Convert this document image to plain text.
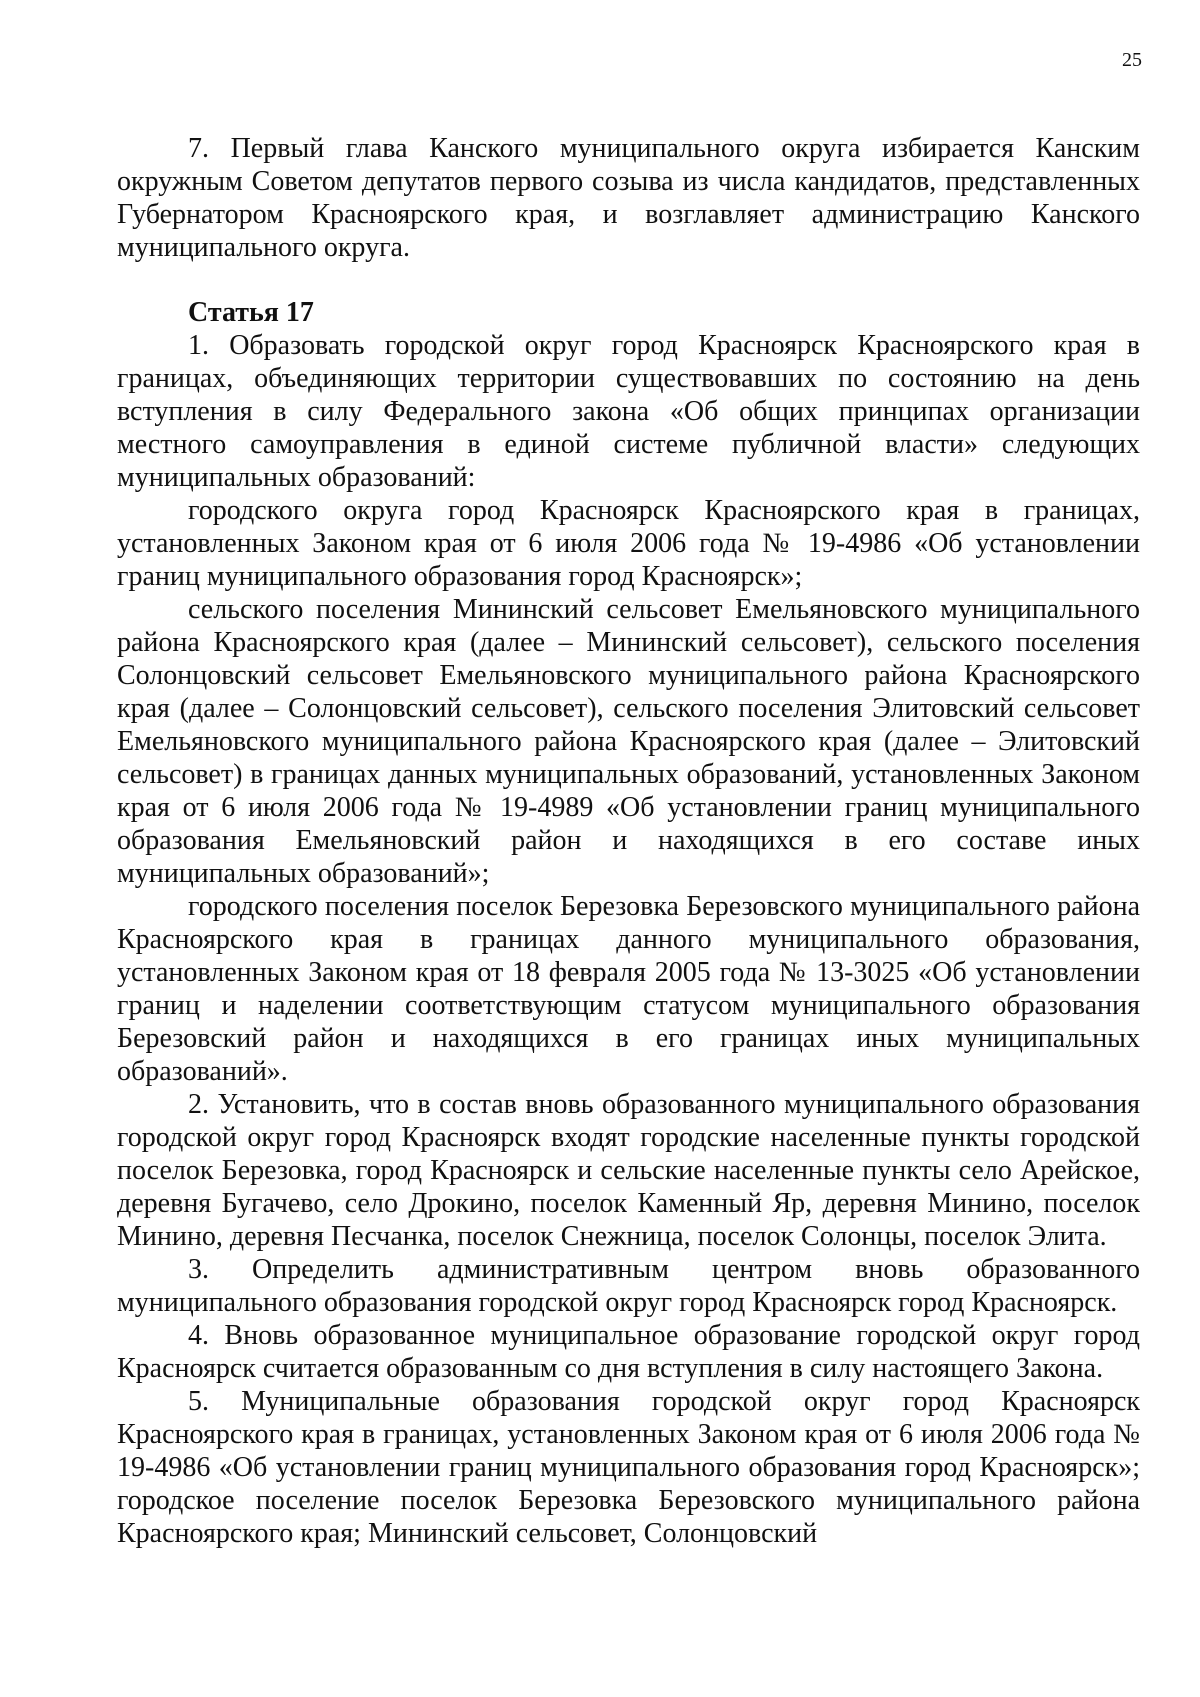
25

7. Первый глава Канского муниципального округа избирается Канским окружным Советом депутатов первого созыва из числа кандидатов, представленных Губернатором Красноярского края, и возглавляет администрацию Канского муниципального округа.

Статья 17

1. Образовать городской округ город Красноярск Красноярского края в границах, объединяющих территории существовавших по состоянию на день вступления в силу Федерального закона «Об общих принципах организации местного самоуправления в единой системе публичной власти» следующих муниципальных образований:

городского округа город Красноярск Красноярского края в границах, установленных Законом края от 6 июля 2006 года № 19-4986 «Об установлении границ муниципального образования город Красноярск»;

сельского поселения Мининский сельсовет Емельяновского муниципального района Красноярского края (далее – Мининский сельсовет), сельского поселения Солонцовский сельсовет Емельяновского муниципального района Красноярского края (далее – Солонцовский сельсовет), сельского поселения Элитовский сельсовет Емельяновского муниципального района Красноярского края (далее – Элитовский сельсовет) в границах данных муниципальных образований, установленных Законом края от 6 июля 2006 года № 19-4989 «Об установлении границ муниципального образования Емельяновский район и находящихся в его составе иных муниципальных образований»;

городского поселения поселок Березовка Березовского муниципального района Красноярского края в границах данного муниципального образования, установленных Законом края от 18 февраля 2005 года № 13-3025 «Об установлении границ и наделении соответствующим статусом муниципального образования Березовский район и находящихся в его границах иных муниципальных образований».

2. Установить, что в состав вновь образованного муниципального образования городской округ город Красноярск входят городские населенные пункты городской поселок Березовка, город Красноярск и сельские населенные пункты село Арейское, деревня Бугачево, село Дрокино, поселок Каменный Яр, деревня Минино, поселок Минино, деревня Песчанка, поселок Снежница, поселок Солонцы, поселок Элита.

3. Определить административным центром вновь образованного муниципального образования городской округ город Красноярск город Красноярск.

4. Вновь образованное муниципальное образование городской округ город Красноярск считается образованным со дня вступления в силу настоящего Закона.

5. Муниципальные образования городской округ город Красноярск Красноярского края в границах, установленных Законом края от 6 июля 2006 года № 19-4986 «Об установлении границ муниципального образования город Красноярск»; городское поселение поселок Березовка Березовского муниципального района Красноярского края; Мининский сельсовет, Солонцовский
